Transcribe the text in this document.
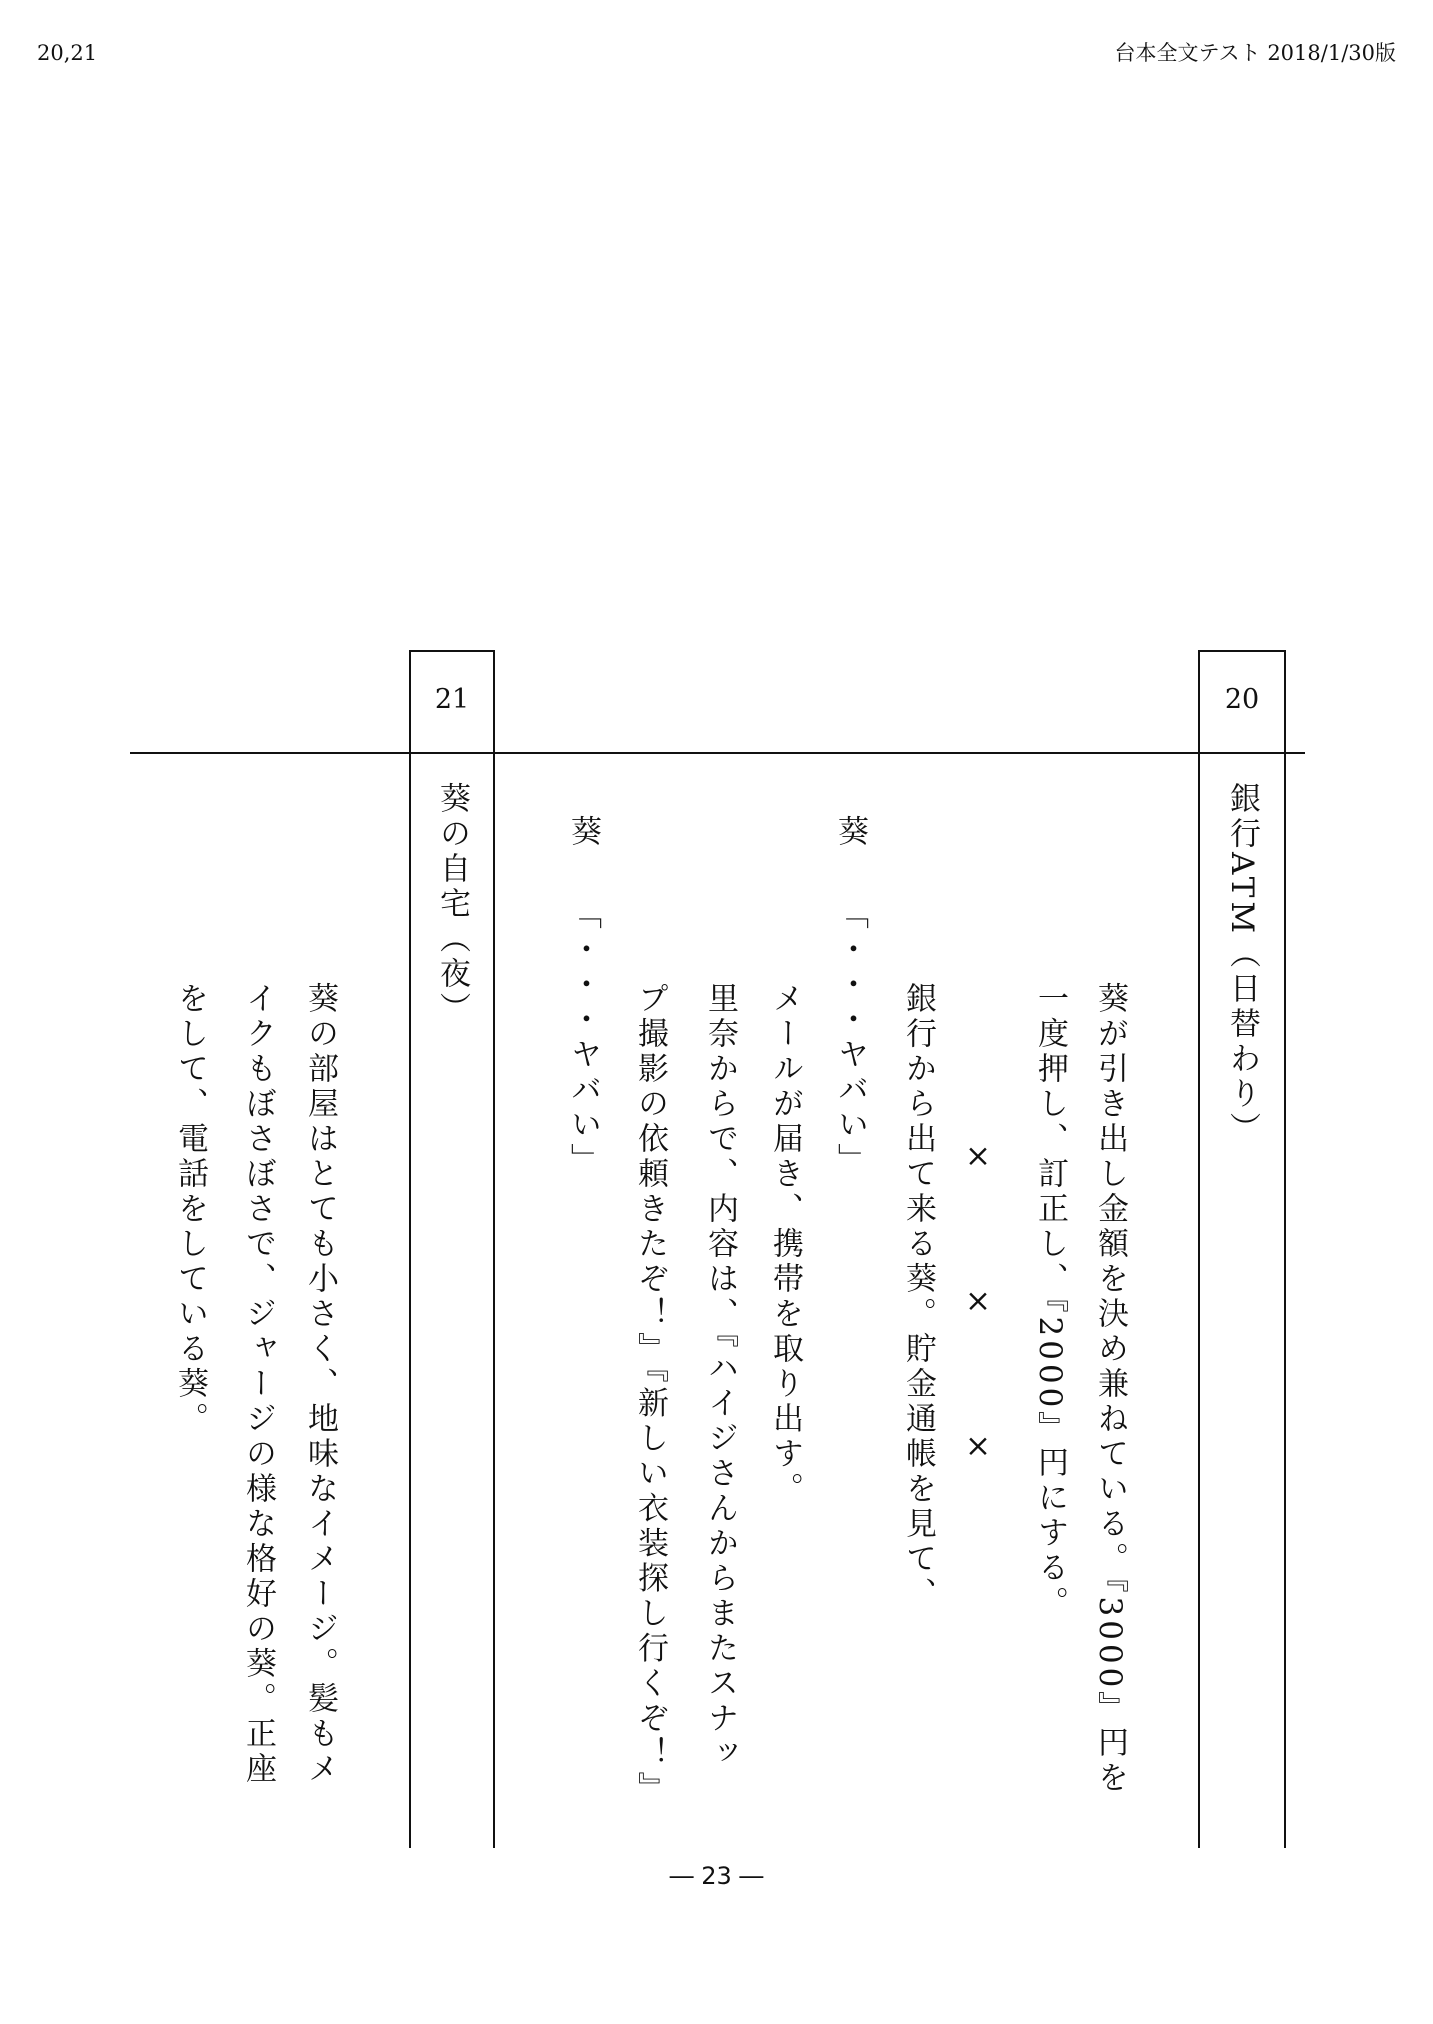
20,21	台本全文テスト 2018/1/30版
20
銀行ATM（日替わり）
葵が引き出し金額を決め兼ねている。『3000』円を
一度押し、訂正し、『2000』円にする。
×　　　×　　　×
銀行から出て来る葵。貯金通帳を見て、
葵
「・・・ヤバい」
メールが届き、携帯を取り出す。
里奈からで、内容は、『ハイジさんからまたスナッ
プ撮影の依頼きたぞ！』『新しい衣装探し行くぞ！』
葵
「・・・ヤバい」
21
葵の自宅（夜）
葵の部屋はとても小さく、地味なイメージ。髪もメ
イクもぼさぼさで、ジャージの様な格好の葵。正座
をして、電話をしている葵。
― 23 ―
